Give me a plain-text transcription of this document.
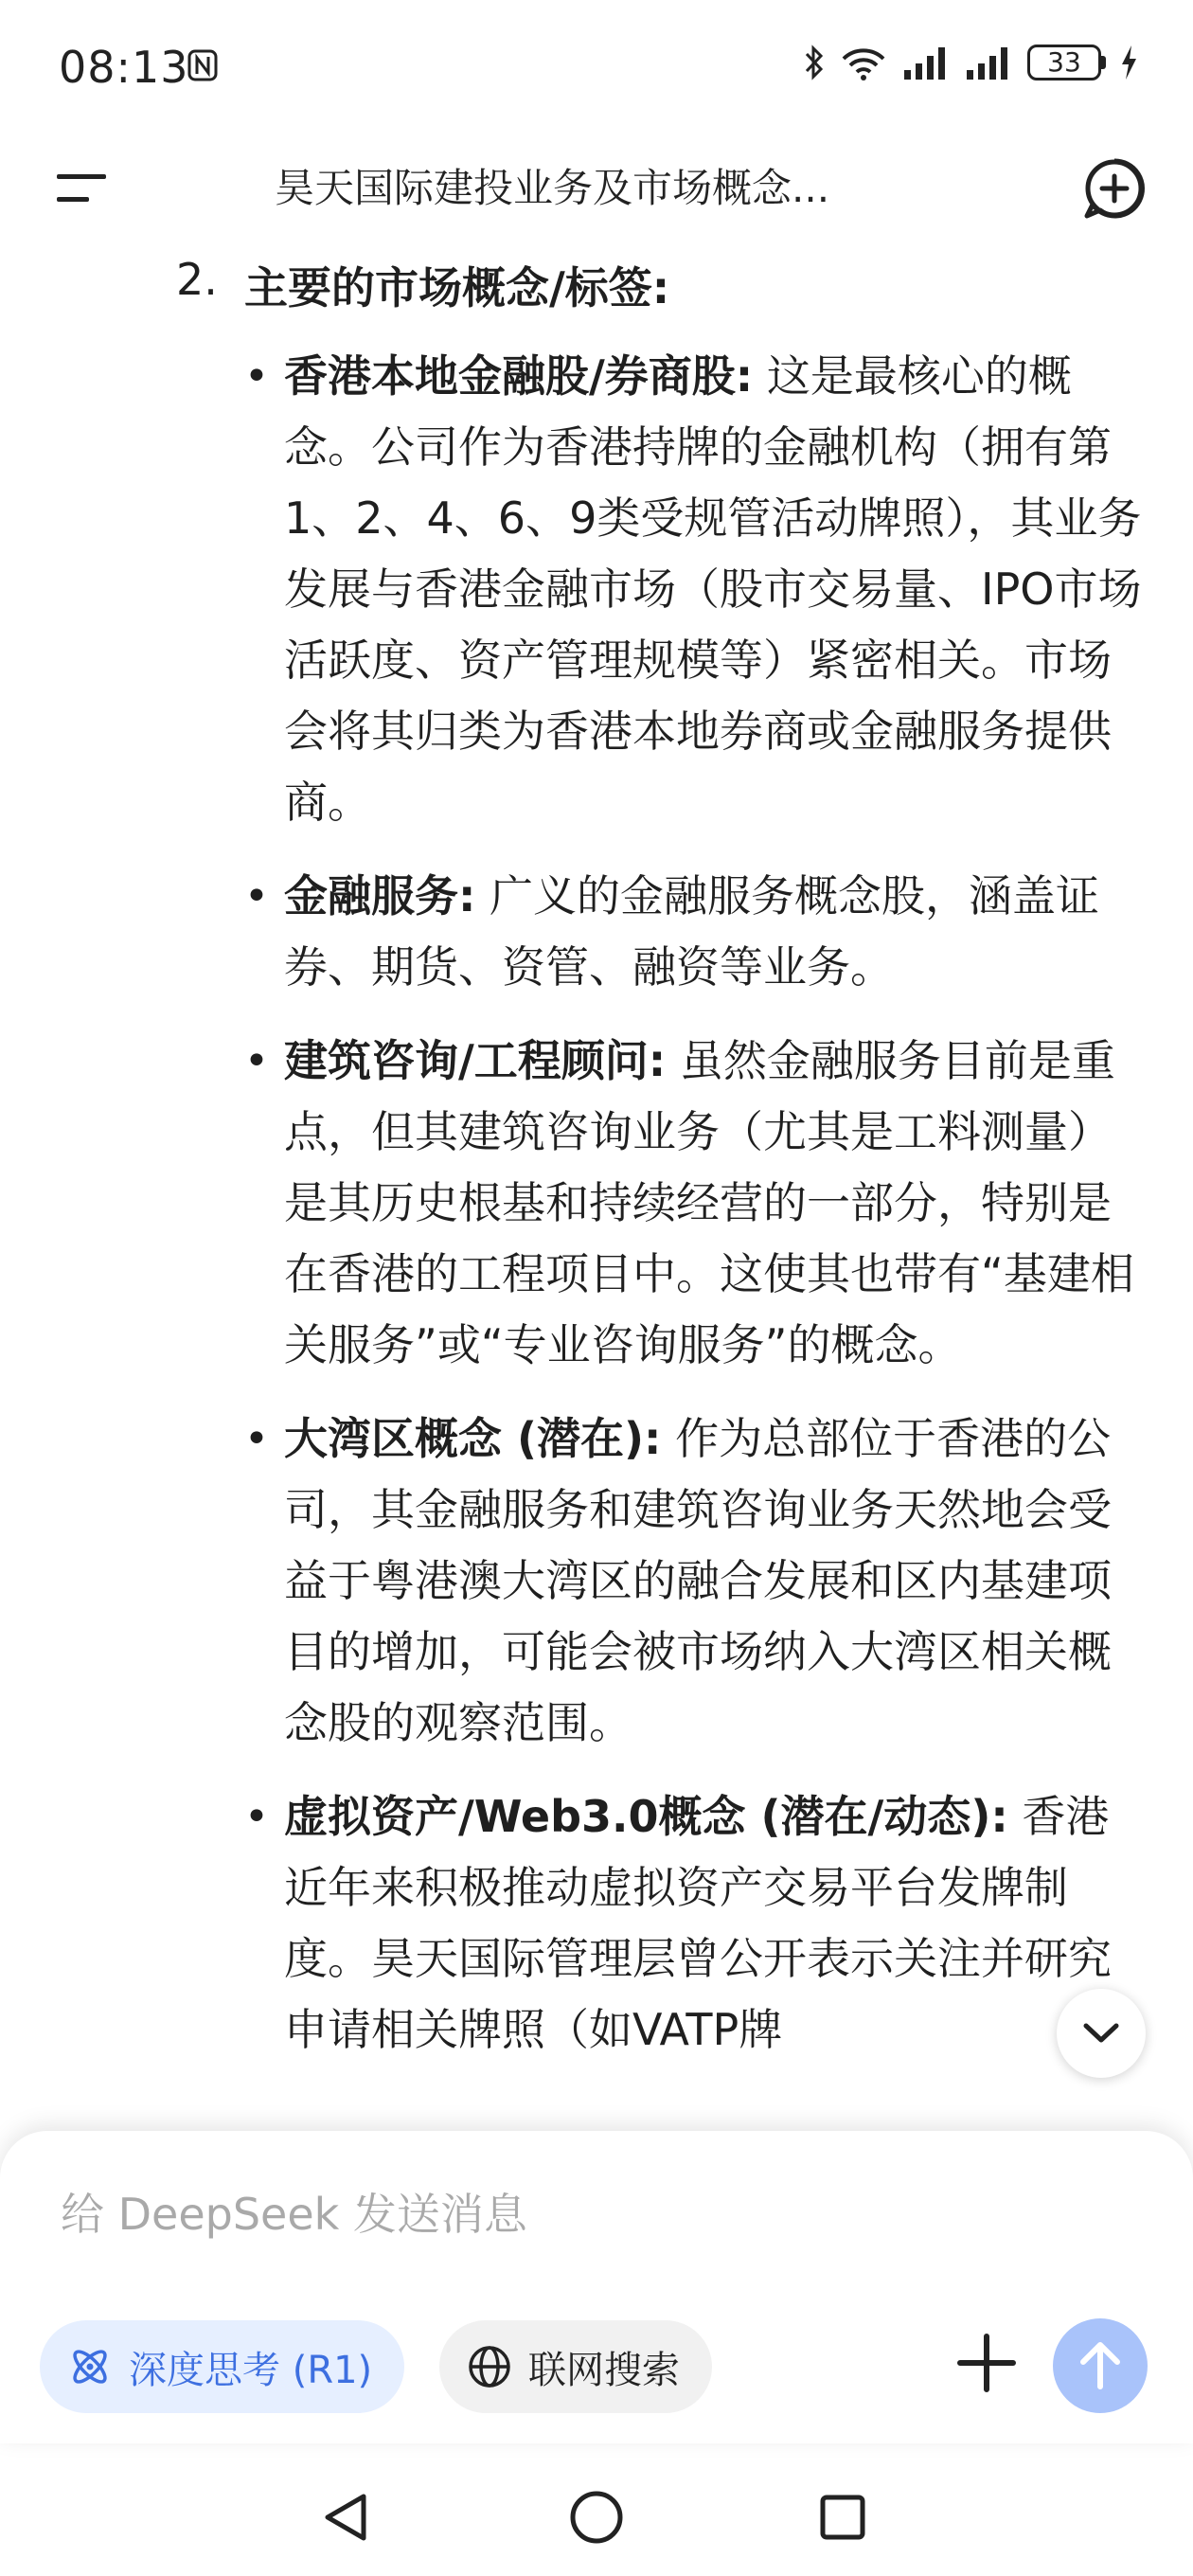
08:13	33
昊天国际建投业务及市场概念...
2. 主要的市场概念/标签:
• 香港本地金融股/券商股: 这是最核心的概念。公司作为香港持牌的金融机构（拥有第1、2、4、6、9类受规管活动牌照），其业务发展与香港金融市场（股市交易量、IPO市场活跃度、资产管理规模等）紧密相关。市场会将其归类为香港本地券商或金融服务提供商。
• 金融服务: 广义的金融服务概念股，涵盖证券、期货、资管、融资等业务。
• 建筑咨询/工程顾问: 虽然金融服务目前是重点，但其建筑咨询业务（尤其是工料测量）是其历史根基和持续经营的一部分，特别是在香港的工程项目中。这使其也带有“基建相关服务”或“专业咨询服务”的概念。
• 大湾区概念 (潜在): 作为总部位于香港的公司，其金融服务和建筑咨询业务天然地会受益于粤港澳大湾区的融合发展和区内基建项目的增加，可能会被市场纳入大湾区相关概念股的观察范围。
• 虚拟资产/Web3.0概念 (潜在/动态): 香港近年来积极推动虚拟资产交易平台发牌制度。昊天国际管理层曾公开表示关注并研究申请相关牌照（如VATP牌
给 DeepSeek 发送消息
深度思考 (R1)	联网搜索
